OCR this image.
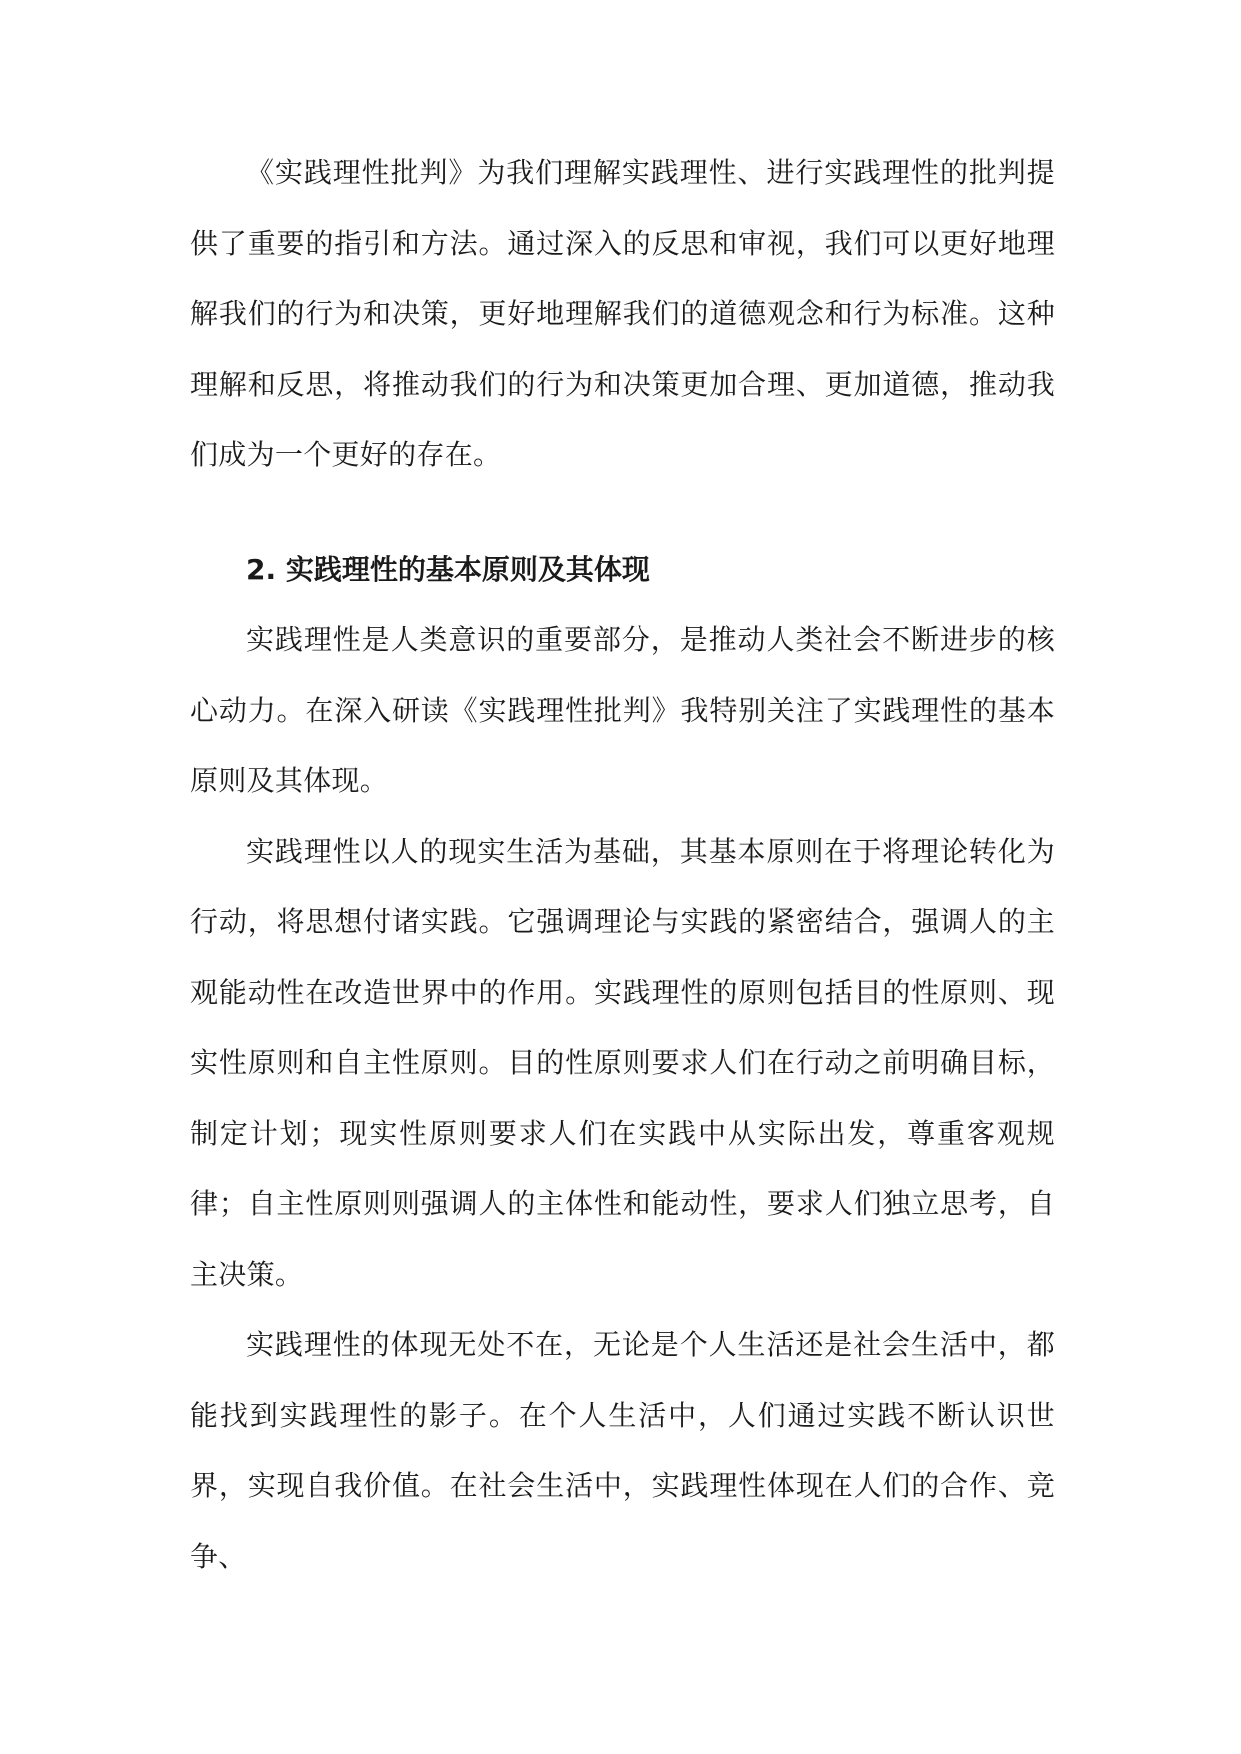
《实践理性批判》为我们理解实践理性、进行实践理性的批判提供了重要的指引和方法。通过深入的反思和审视，我们可以更好地理解我们的行为和决策，更好地理解我们的道德观念和行为标准。这种理解和反思，将推动我们的行为和决策更加合理、更加道德，推动我们成为一个更好的存在。

2. 实践理性的基本原则及其体现

实践理性是人类意识的重要部分，是推动人类社会不断进步的核心动力。在深入研读《实践理性批判》我特别关注了实践理性的基本原则及其体现。

实践理性以人的现实生活为基础，其基本原则在于将理论转化为行动，将思想付诸实践。它强调理论与实践的紧密结合，强调人的主观能动性在改造世界中的作用。实践理性的原则包括目的性原则、现实性原则和自主性原则。目的性原则要求人们在行动之前明确目标，制定计划；现实性原则要求人们在实践中从实际出发，尊重客观规律；自主性原则则强调人的主体性和能动性，要求人们独立思考，自主决策。

实践理性的体现无处不在，无论是个人生活还是社会生活中，都能找到实践理性的影子。在个人生活中，人们通过实践不断认识世界，实现自我价值。在社会生活中，实践理性体现在人们的合作、竞争、
